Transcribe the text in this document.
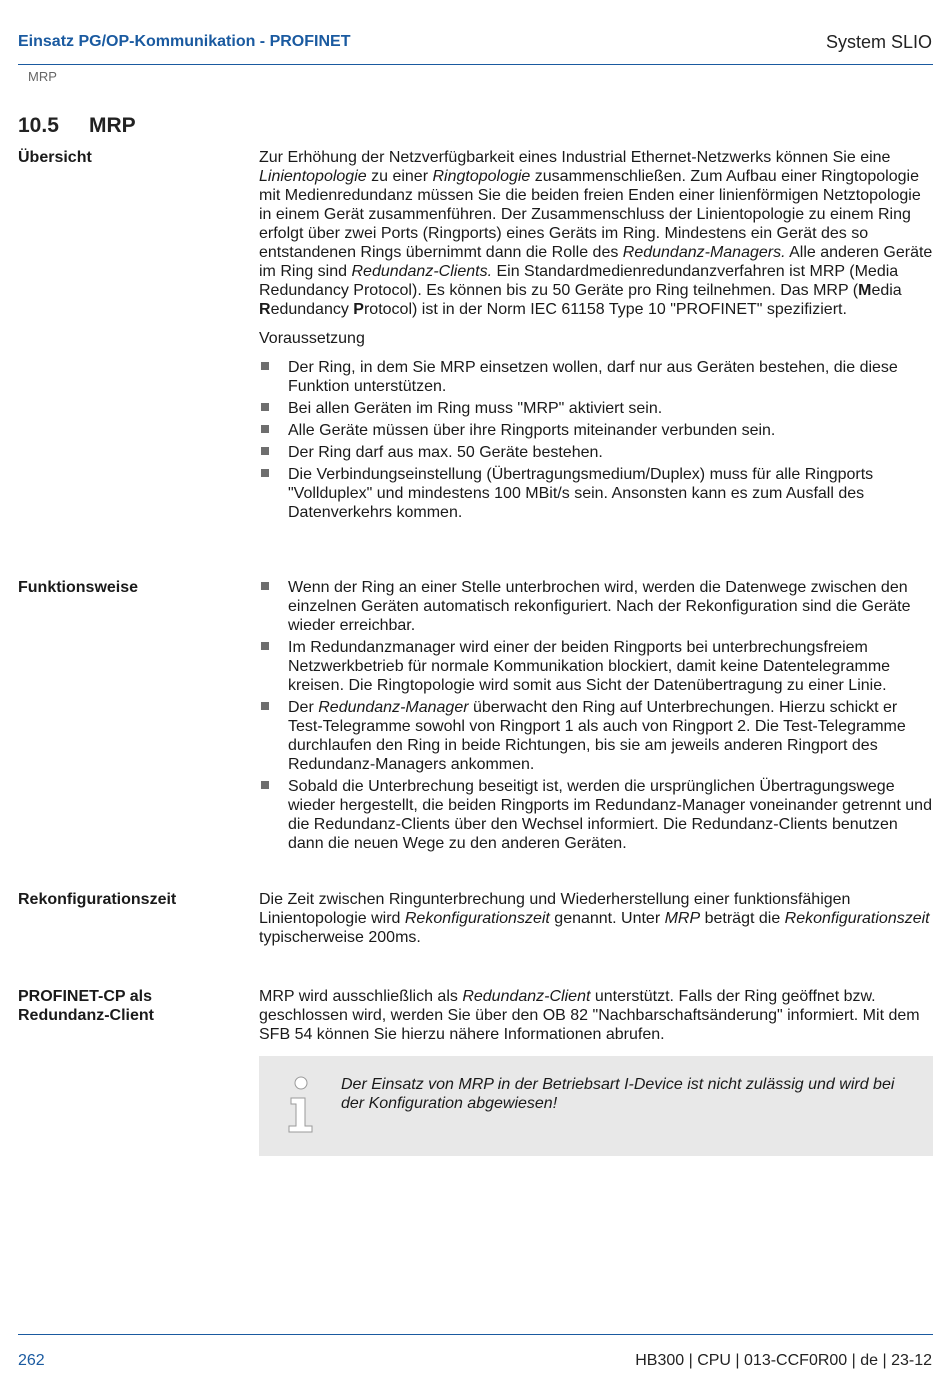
Einsatz PG/OP-Kommunikation - PROFINET	System SLIO
MRP
10.5 MRP
Übersicht	Zur Erhöhung der Netzverfügbarkeit eines Industrial Ethernet-Netzwerks können Sie eine Linientopologie zu einer Ringtopologie zusammenschließen. Zum Aufbau einer Ringtopologie mit Medienredundanz müssen Sie die beiden freien Enden einer linienförmigen Netztopologie in einem Gerät zusammenführen. Der Zusammenschluss der Linientopologie zu einem Ring erfolgt über zwei Ports (Ringports) eines Geräts im Ring. Mindestens ein Gerät des so entstandenen Rings übernimmt dann die Rolle des Redundanz-Managers. Alle anderen Geräte im Ring sind Redundanz-Clients. Ein Standardmedienredundanzverfahren ist MRP (Media Redundancy Protocol). Es können bis zu 50 Geräte pro Ring teilnehmen. Das MRP (Media Redundancy Protocol) ist in der Norm IEC 61158 Type 10 "PROFINET" spezifiziert.

Voraussetzung

Der Ring, in dem Sie MRP einsetzen wollen, darf nur aus Geräten bestehen, die diese Funktion unterstützen.
Bei allen Geräten im Ring muss "MRP" aktiviert sein.
Alle Geräte müssen über ihre Ringports miteinander verbunden sein.
Der Ring darf aus max. 50 Geräte bestehen.
Die Verbindungseinstellung (Übertragungsmedium/Duplex) muss für alle Ringports "Vollduplex" und mindestens 100 MBit/s sein. Ansonsten kann es zum Ausfall des Datenverkehrs kommen.
Funktionsweise	Wenn der Ring an einer Stelle unterbrochen wird, werden die Datenwege zwischen den einzelnen Geräten automatisch rekonfiguriert. Nach der Rekonfiguration sind die Geräte wieder erreichbar.
Im Redundanzmanager wird einer der beiden Ringports bei unterbrechungsfreiem Netzwerkbetrieb für normale Kommunikation blockiert, damit keine Datentelegramme kreisen. Die Ringtopologie wird somit aus Sicht der Datenübertragung zu einer Linie.
Der Redundanz-Manager überwacht den Ring auf Unterbrechungen. Hierzu schickt er Test-Telegramme sowohl von Ringport 1 als auch von Ringport 2. Die Test-Telegramme durchlaufen den Ring in beide Richtungen, bis sie am jeweils anderen Ringport des Redundanz-Managers ankommen.
Sobald die Unterbrechung beseitigt ist, werden die ursprünglichen Übertragungswege wieder hergestellt, die beiden Ringports im Redundanz-Manager voneinander getrennt und die Redundanz-Clients über den Wechsel informiert. Die Redundanz-Clients benutzen dann die neuen Wege zu den anderen Geräten.
Rekonfigurationszeit	Die Zeit zwischen Ringunterbrechung und Wiederherstellung einer funktionsfähigen Linientopologie wird Rekonfigurationszeit genannt. Unter MRP beträgt die Rekonfigurationszeit typischerweise 200ms.

PROFINET-CP als Redundanz-Client

MRP wird ausschließlich als Redundanz-Client unterstützt. Falls der Ring geöffnet bzw. geschlossen wird, werden Sie über den OB 82 "Nachbarschaftsänderung" informiert. Mit dem SFB 54 können Sie hierzu nähere Informationen abrufen.

Der Einsatz von MRP in der Betriebsart I-Device ist nicht zulässig und wird bei der Konfiguration abgewiesen!
262	HB300 | CPU | 013-CCF0R00 | de | 23-12
